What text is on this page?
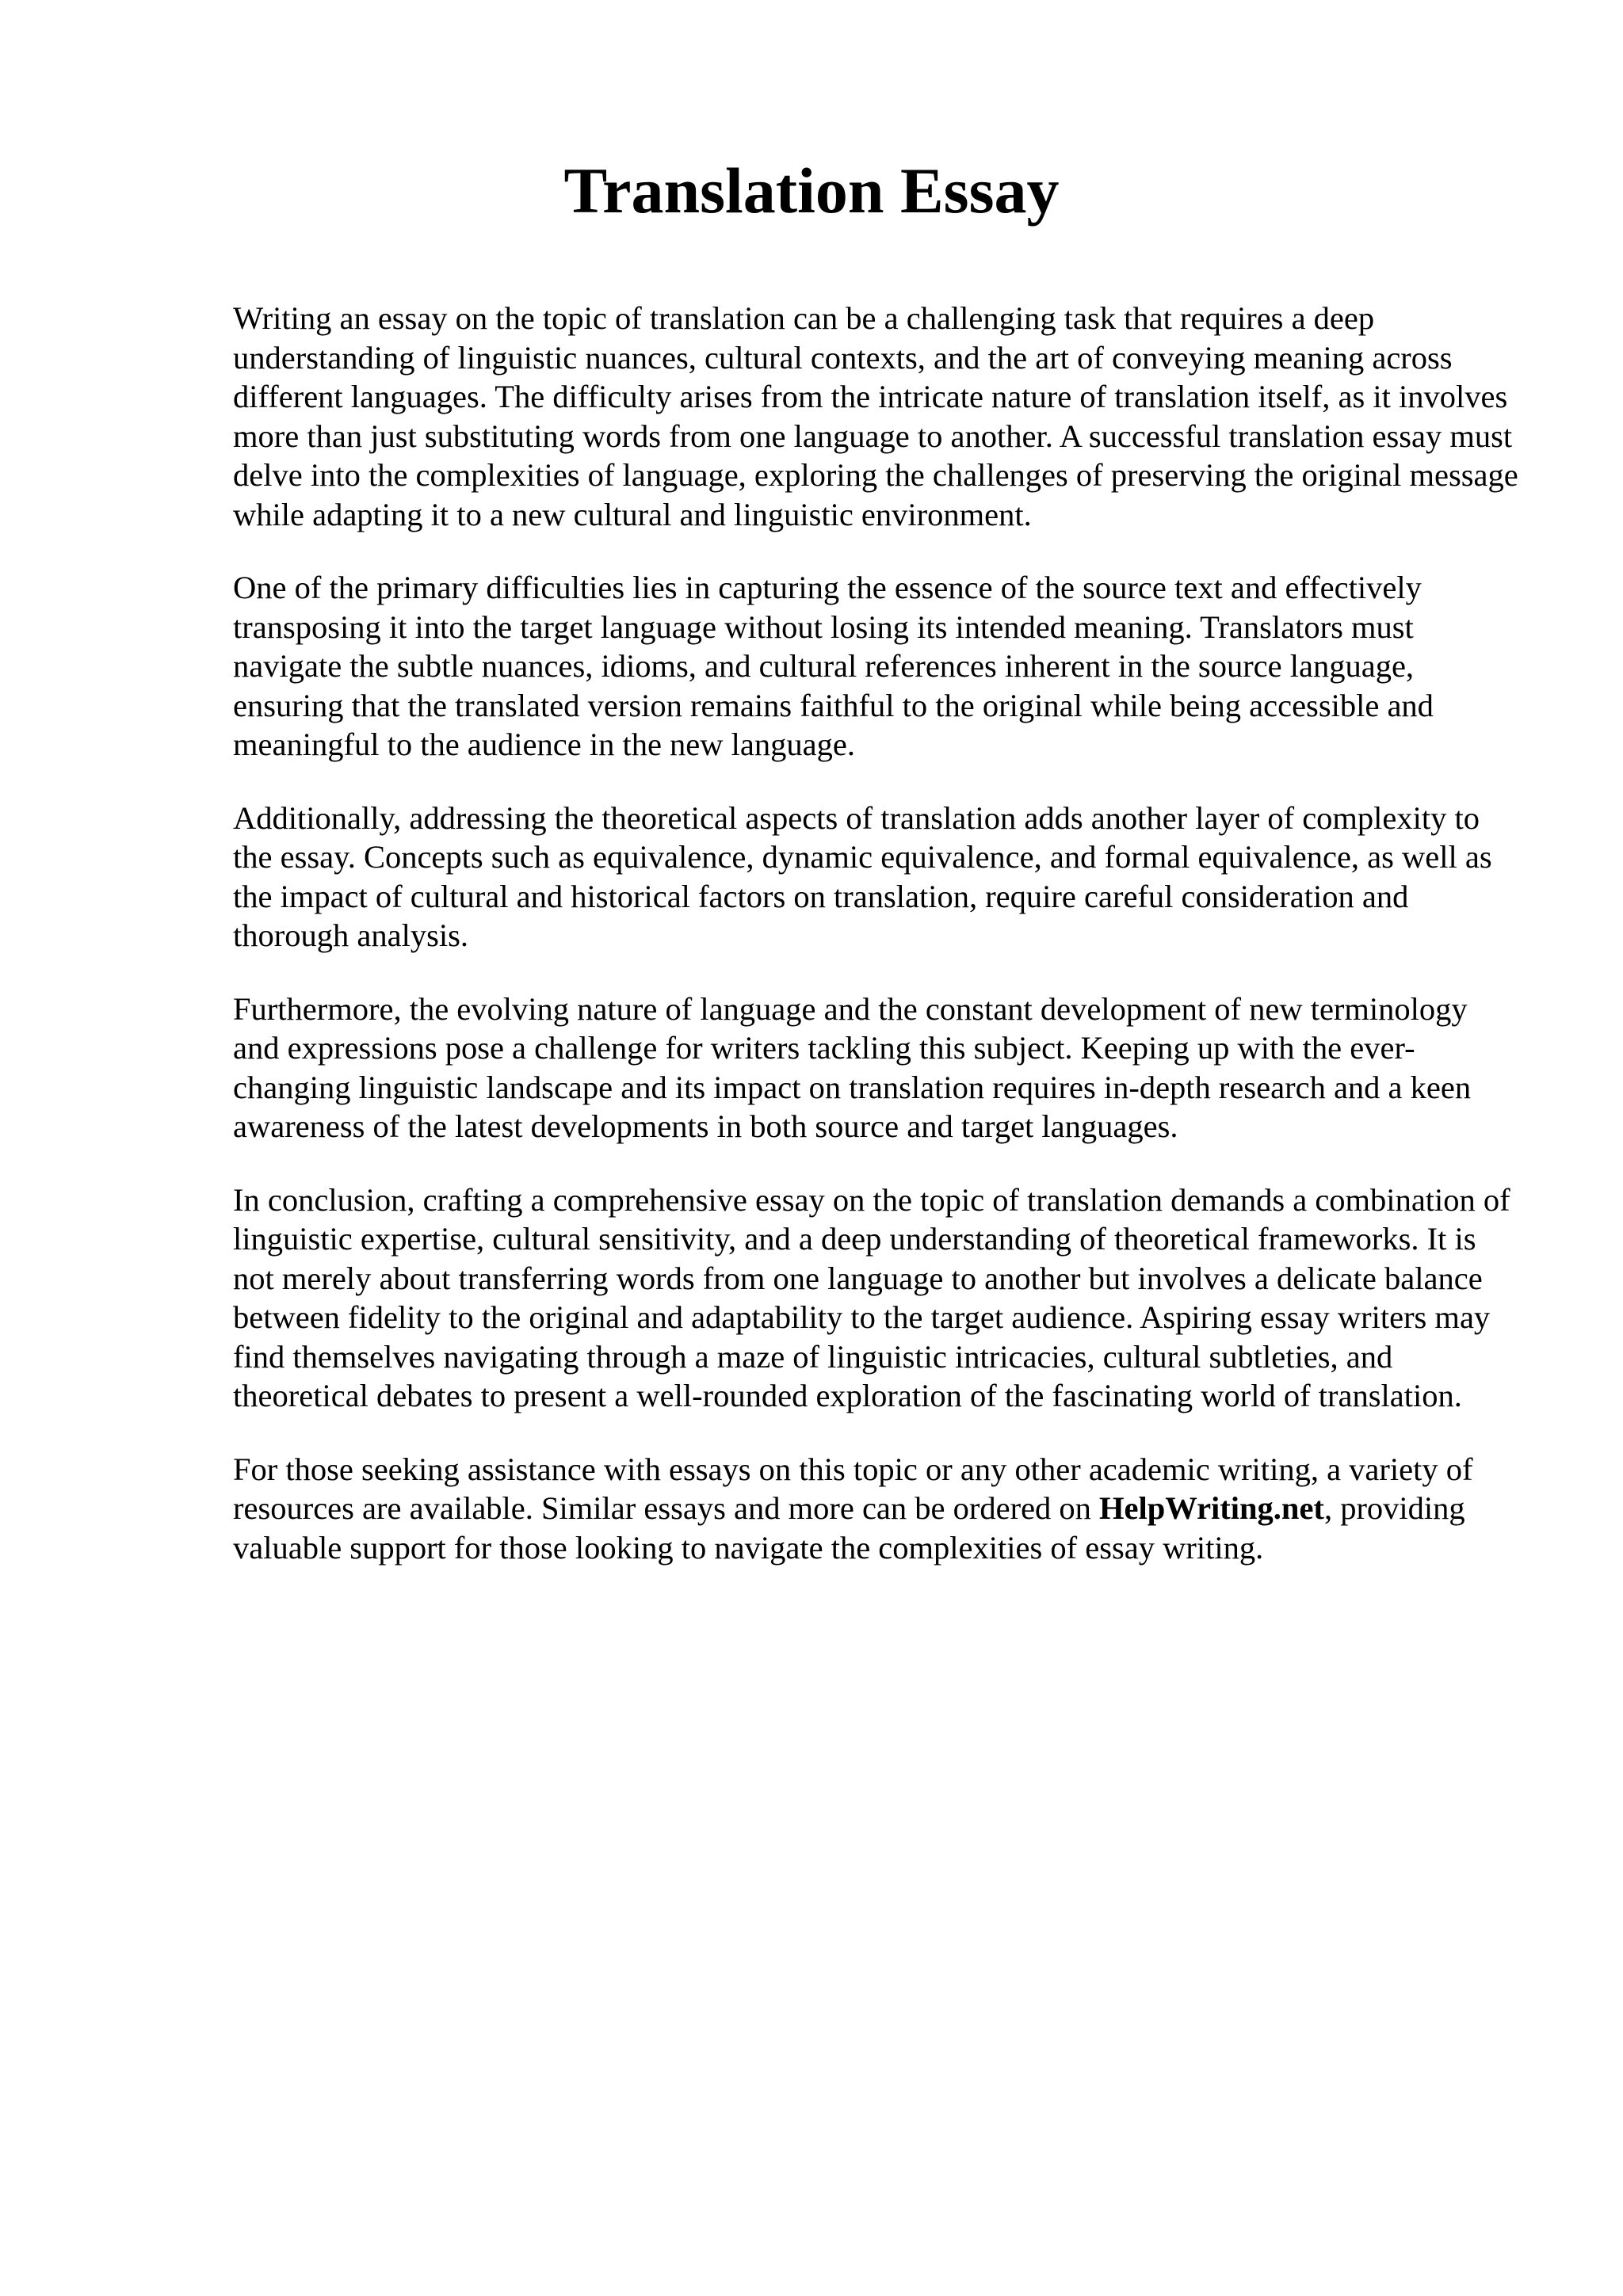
Translation Essay

Writing an essay on the topic of translation can be a challenging task that requires a deep understanding of linguistic nuances, cultural contexts, and the art of conveying meaning across different languages. The difficulty arises from the intricate nature of translation itself, as it involves more than just substituting words from one language to another. A successful translation essay must delve into the complexities of language, exploring the challenges of preserving the original message while adapting it to a new cultural and linguistic environment.

One of the primary difficulties lies in capturing the essence of the source text and effectively transposing it into the target language without losing its intended meaning. Translators must navigate the subtle nuances, idioms, and cultural references inherent in the source language, ensuring that the translated version remains faithful to the original while being accessible and meaningful to the audience in the new language.

Additionally, addressing the theoretical aspects of translation adds another layer of complexity to the essay. Concepts such as equivalence, dynamic equivalence, and formal equivalence, as well as the impact of cultural and historical factors on translation, require careful consideration and thorough analysis.

Furthermore, the evolving nature of language and the constant development of new terminology and expressions pose a challenge for writers tackling this subject. Keeping up with the ever-changing linguistic landscape and its impact on translation requires in-depth research and a keen awareness of the latest developments in both source and target languages.

In conclusion, crafting a comprehensive essay on the topic of translation demands a combination of linguistic expertise, cultural sensitivity, and a deep understanding of theoretical frameworks. It is not merely about transferring words from one language to another but involves a delicate balance between fidelity to the original and adaptability to the target audience. Aspiring essay writers may find themselves navigating through a maze of linguistic intricacies, cultural subtleties, and theoretical debates to present a well-rounded exploration of the fascinating world of translation.

For those seeking assistance with essays on this topic or any other academic writing, a variety of resources are available. Similar essays and more can be ordered on HelpWriting.net, providing valuable support for those looking to navigate the complexities of essay writing.
